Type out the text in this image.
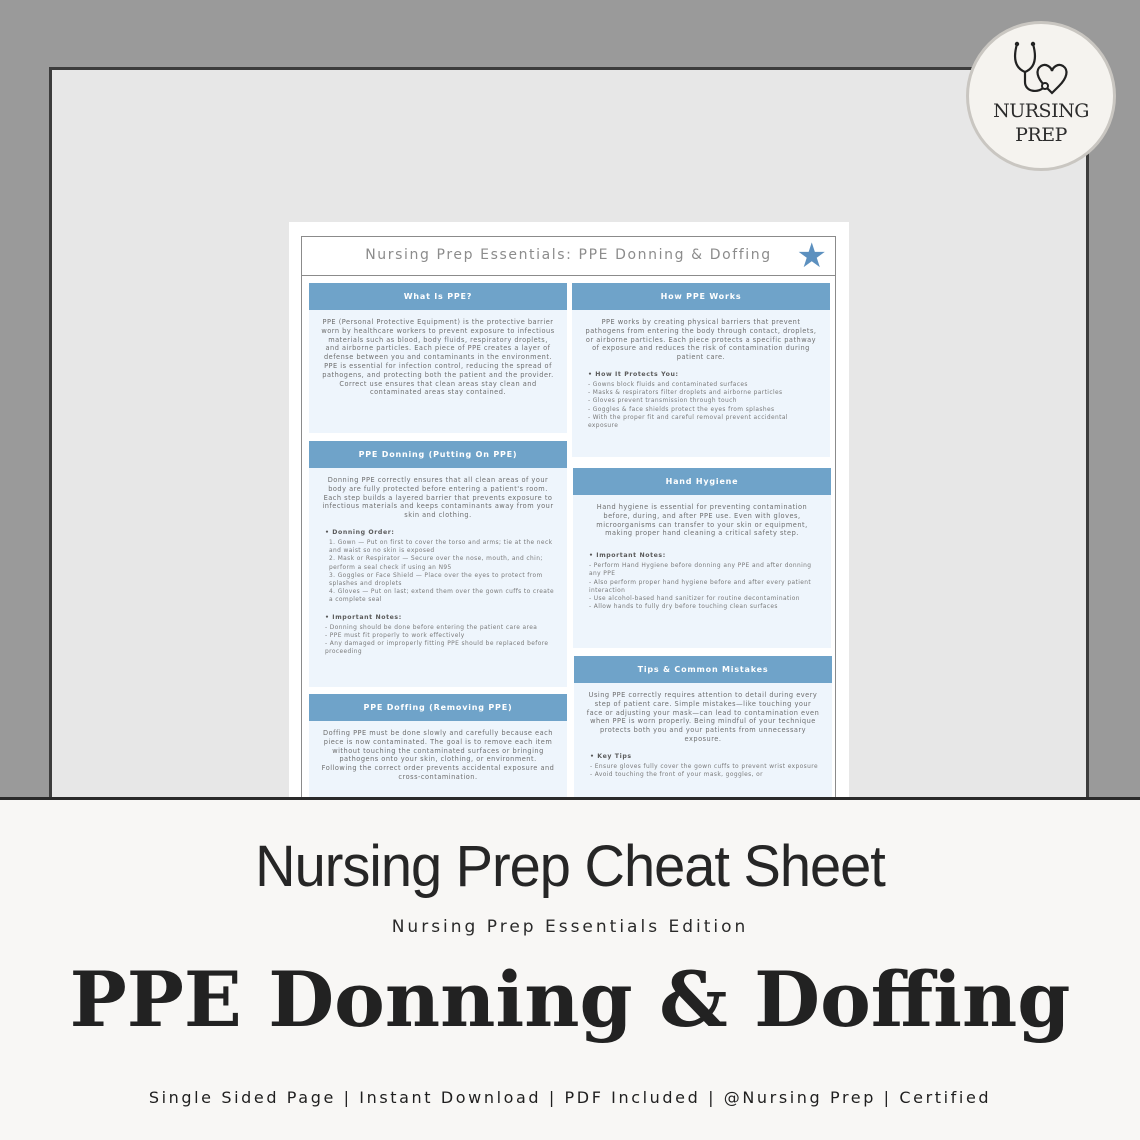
NURSING
PREP
Nursing Prep Essentials: PPE Donning & Doffing ★
What Is PPE?
PPE (Personal Protective Equipment) is the protective barrier worn by healthcare workers to prevent exposure to infectious materials such as blood, body fluids, respiratory droplets, and airborne particles. Each piece of PPE creates a layer of defense between you and contaminants in the environment. PPE is essential for infection control, reducing the spread of pathogens, and protecting both the patient and the provider. Correct use ensures that clean areas stay clean and contaminated areas stay contained.
PPE Donning (Putting On PPE)
Donning PPE correctly ensures that all clean areas of your body are fully protected before entering a patient's room. Each step builds a layered barrier that prevents exposure to infectious materials and keeps contaminants away from your skin and clothing.
• Donning Order:
1. Gown — Put on first to cover the torso and arms; tie at the neck and waist so no skin is exposed
2. Mask or Respirator — Secure over the nose, mouth, and chin; perform a seal check if using an N95
3. Goggles or Face Shield — Place over the eyes to protect from splashes and droplets
4. Gloves — Put on last; extend them over the gown cuffs to create a complete seal
• Important Notes:
- Donning should be done before entering the patient care area
- PPE must fit properly to work effectively
- Any damaged or improperly fitting PPE should be replaced before proceeding
PPE Doffing (Removing PPE)
Doffing PPE must be done slowly and carefully because each piece is now contaminated. The goal is to remove each item without touching the contaminated surfaces or bringing pathogens onto your skin, clothing, or environment. Following the correct order prevents accidental exposure and cross-contamination.
How PPE Works
PPE works by creating physical barriers that prevent pathogens from entering the body through contact, droplets, or airborne particles. Each piece protects a specific pathway of exposure and reduces the risk of contamination during patient care.
• How It Protects You:
- Gowns block fluids and contaminated surfaces
- Masks & respirators filter droplets and airborne particles
- Gloves prevent transmission through touch
- Goggles & face shields protect the eyes from splashes
- With the proper fit and careful removal prevent accidental exposure
Hand Hygiene
Hand hygiene is essential for preventing contamination before, during, and after PPE use. Even with gloves, microorganisms can transfer to your skin or equipment, making proper hand cleaning a critical safety step.
• Important Notes:
- Perform Hand Hygiene before donning any PPE and after donning any PPE
- Also perform proper hand hygiene before and after every patient interaction
- Use alcohol-based hand sanitizer for routine decontamination
- Allow hands to fully dry before touching clean surfaces
Tips & Common Mistakes
Using PPE correctly requires attention to detail during every step of patient care. Simple mistakes—like touching your face or adjusting your mask—can lead to contamination even when PPE is worn properly. Being mindful of your technique protects both you and your patients from unnecessary exposure.
• Key Tips
- Ensure gloves fully cover the gown cuffs to prevent wrist exposure
- Avoid touching the front of your mask, goggles, or
Nursing Prep Cheat Sheet
Nursing Prep Essentials Edition
PPE Donning & Doffing
Single Sided Page | Instant Download | PDF Included | @Nursing Prep | Certified
